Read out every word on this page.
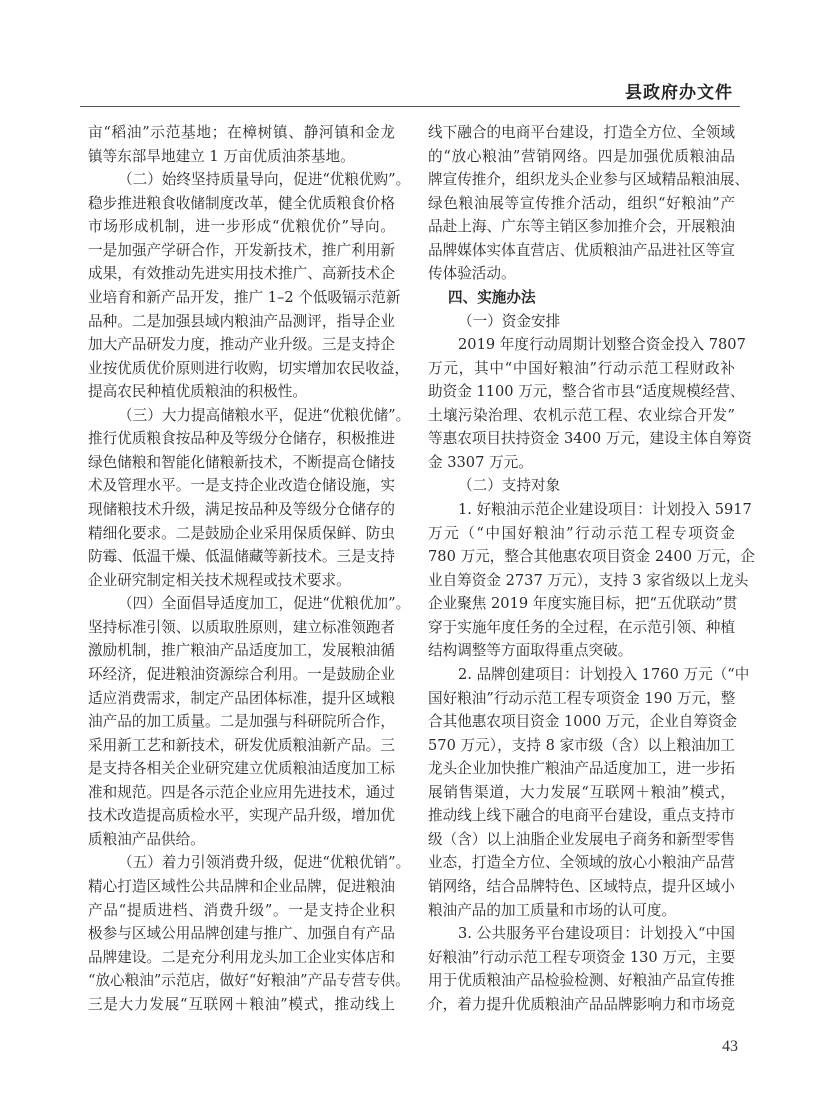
县政府办文件
亩“稻油”示范基地；在樟树镇、静河镇和金龙
镇等东部旱地建立 1 万亩优质油茶基地。
（二）始终坚持质量导向，促进“优粮优购”。
稳步推进粮食收储制度改革，健全优质粮食价格
市场形成机制，进一步形成“优粮优价”导向。
一是加强产学研合作，开发新技术，推广利用新
成果，有效推动先进实用技术推广、高新技术企
业培育和新产品开发，推广 1–2 个低吸镉示范新
品种。二是加强县域内粮油产品测评，指导企业
加大产品研发力度，推动产业升级。三是支持企
业按优质优价原则进行收购，切实增加农民收益，
提高农民种植优质粮油的积极性。
（三）大力提高储粮水平，促进“优粮优储”。
推行优质粮食按品种及等级分仓储存，积极推进
绿色储粮和智能化储粮新技术，不断提高仓储技
术及管理水平。一是支持企业改造仓储设施，实
现储粮技术升级，满足按品种及等级分仓储存的
精细化要求。二是鼓励企业采用保质保鲜、防虫
防霉、低温干燥、低温储藏等新技术。三是支持
企业研究制定相关技术规程或技术要求。
（四）全面倡导适度加工，促进“优粮优加”。
坚持标准引领、以质取胜原则，建立标准领跑者
激励机制，推广粮油产品适度加工，发展粮油循
环经济，促进粮油资源综合利用。一是鼓励企业
适应消费需求，制定产品团体标准，提升区域粮
油产品的加工质量。二是加强与科研院所合作，
采用新工艺和新技术，研发优质粮油新产品。三
是支持各相关企业研究建立优质粮油适度加工标
准和规范。四是各示范企业应用先进技术，通过
技术改造提高质检水平，实现产品升级，增加优
质粮油产品供给。
（五）着力引领消费升级，促进“优粮优销”。
精心打造区域性公共品牌和企业品牌，促进粮油
产品“提质进档、消费升级”。一是支持企业积
极参与区域公用品牌创建与推广、加强自有产品
品牌建设。二是充分利用龙头加工企业实体店和
“放心粮油”示范店，做好“好粮油”产品专营专供。
三是大力发展“互联网＋粮油”模式，推动线上
线下融合的电商平台建设，打造全方位、全领域
的“放心粮油”营销网络。四是加强优质粮油品
牌宣传推介，组织龙头企业参与区域精品粮油展、
绿色粮油展等宣传推介活动，组织“好粮油”产
品赴上海、广东等主销区参加推介会，开展粮油
品牌媒体实体直营店、优质粮油产品进社区等宣
传体验活动。
四、实施办法
（一）资金安排
2019 年度行动周期计划整合资金投入 7807
万元，其中“中国好粮油”行动示范工程财政补
助资金 1100 万元，整合省市县“适度规模经营、
土壤污染治理、农机示范工程、农业综合开发”
等惠农项目扶持资金 3400 万元，建设主体自筹资
金 3307 万元。
（二）支持对象
1. 好粮油示范企业建设项目：计划投入 5917
万元（“中国好粮油”行动示范工程专项资金
780 万元，整合其他惠农项目资金 2400 万元，企
业自筹资金 2737 万元），支持 3 家省级以上龙头
企业聚焦 2019 年度实施目标，把“五优联动”贯
穿于实施年度任务的全过程，在示范引领、种植
结构调整等方面取得重点突破。
2. 品牌创建项目：计划投入 1760 万元（“中
国好粮油”行动示范工程专项资金 190 万元，整
合其他惠农项目资金 1000 万元，企业自筹资金
570 万元），支持 8 家市级（含）以上粮油加工
龙头企业加快推广粮油产品适度加工，进一步拓
展销售渠道，大力发展“互联网＋粮油”模式，
推动线上线下融合的电商平台建设，重点支持市
级（含）以上油脂企业发展电子商务和新型零售
业态，打造全方位、全领域的放心小粮油产品营
销网络，结合品牌特色、区域特点，提升区域小
粮油产品的加工质量和市场的认可度。
3. 公共服务平台建设项目：计划投入“中国
好粮油”行动示范工程专项资金 130 万元，主要
用于优质粮油产品检验检测、好粮油产品宣传推
介，着力提升优质粮油产品品牌影响力和市场竞
43
